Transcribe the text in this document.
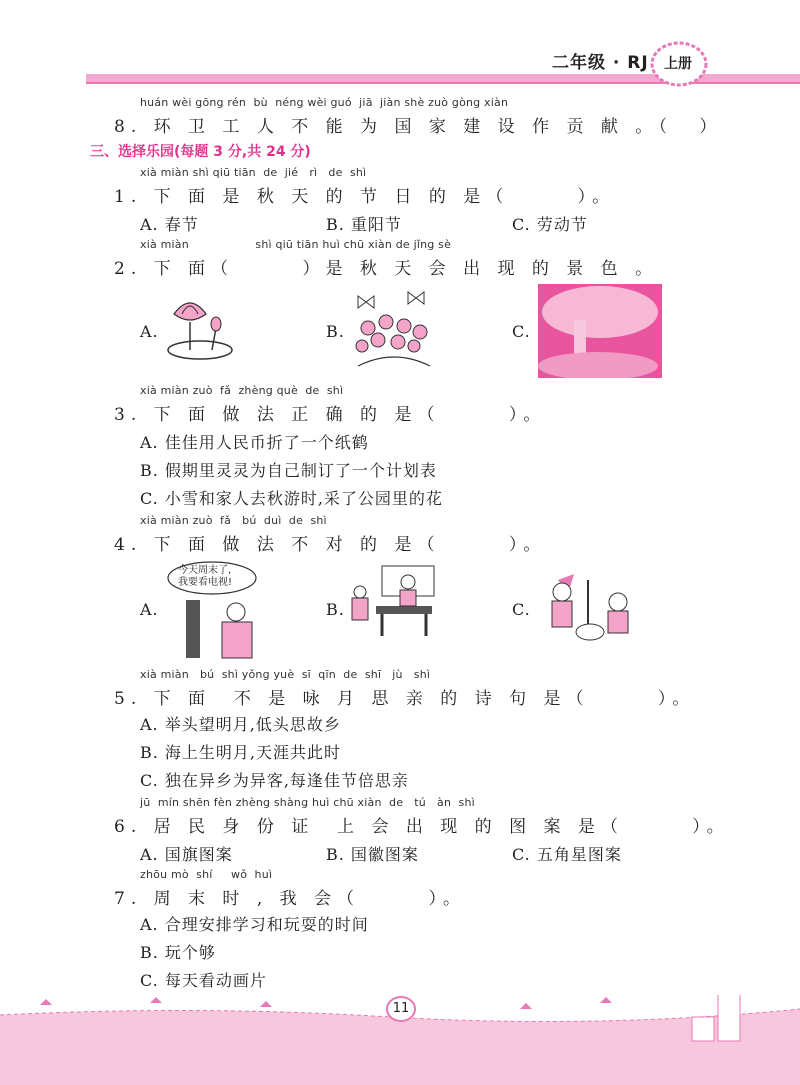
二年级 · RJ 上册
huán wèi gōng rén  bù  néng wèi guó  jiā  jiàn shè zuò gòng xiàn
8. 环 卫 工 人 不 能 为 国 家 建 设 作 贡 献 。
（      ）
三、选择乐园(每题 3 分,共 24 分)
xià miàn shì qiū tiān  de  jié   rì   de  shì
1. 下 面 是 秋 天 的 节 日 的 是（      ）。
A. 春节	B. 重阳节	C. 劳动节
xià miàn                  shì qiū tiān huì chū xiàn de jǐng sè
2. 下 面（      ）是 秋 天 会 出 现 的 景 色 。
A.	B.	C.
xià miàn zuò  fǎ  zhèng què  de  shì
3. 下 面 做 法 正 确 的 是（      ）。
A. 佳佳用人民币折了一个纸鹤
B. 假期里灵灵为自己制订了一个计划表
C. 小雪和家人去秋游时,采了公园里的花
xià miàn zuò  fǎ   bú  duì  de  shì
4. 下 面 做 法 不 对 的 是（      ）。
A.	B.	C.
今天周末了,
我要看电视!
xià miàn   bú  shì yǒng yuè  sī  qīn  de  shī   jù   shì
5. 下 面  不 是 咏 月 思 亲 的 诗 句 是（      ）。
A. 举头望明月,低头思故乡
B. 海上生明月,天涯共此时
C. 独在异乡为异客,每逢佳节倍思亲
jū  mín shēn fèn zhèng shàng huì chū xiàn  de   tú   àn  shì
6. 居 民 身 份 证  上 会 出 现 的 图 案 是（      ）。
A. 国旗图案	B. 国徽图案	C. 五角星图案
zhōu mò  shí     wǒ  huì
7. 周 末 时 , 我 会（      ）。
A. 合理安排学习和玩耍的时间
B. 玩个够
C. 每天看动画片
11
